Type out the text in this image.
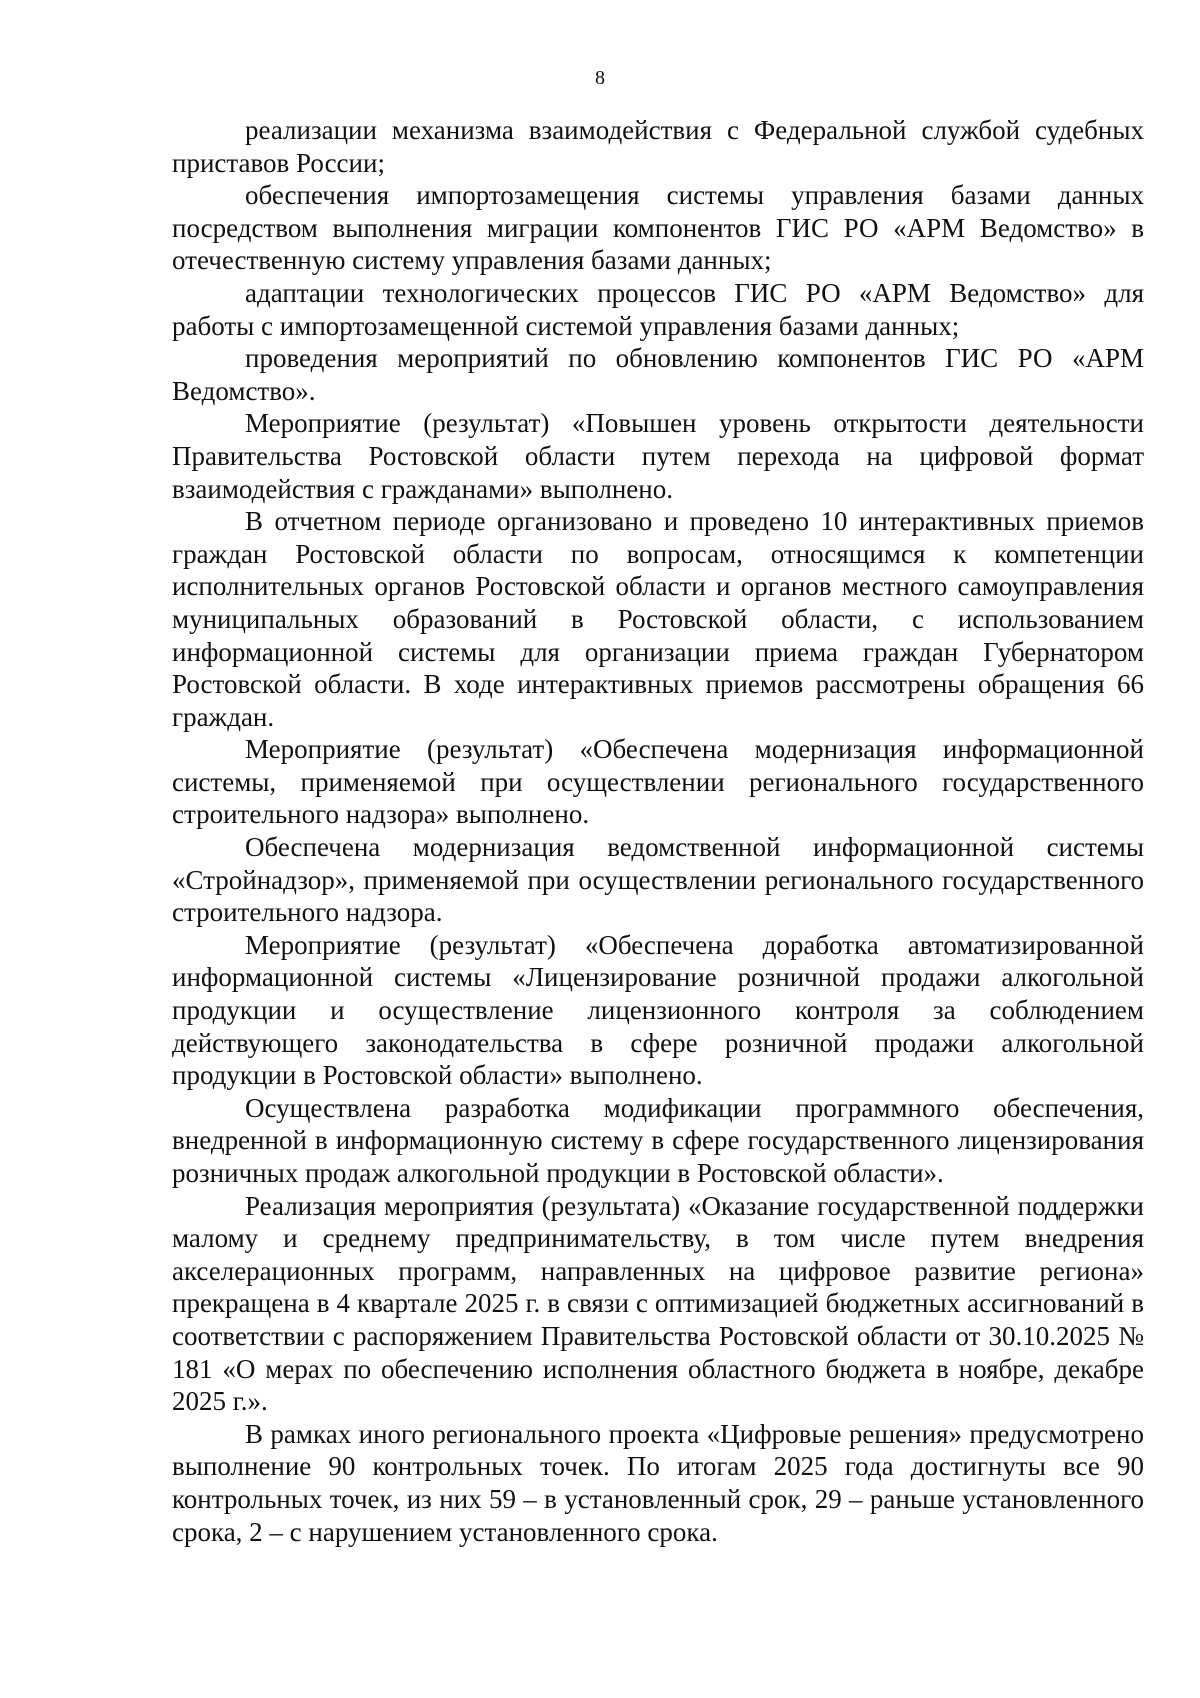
8

реализации механизма взаимодействия с Федеральной службой судебных приставов России;

обеспечения импортозамещения системы управления базами данных посредством выполнения миграции компонентов ГИС РО «АРМ Ведомство» в отечественную систему управления базами данных;

адаптации технологических процессов ГИС РО «АРМ Ведомство» для работы с импортозамещенной системой управления базами данных;

проведения мероприятий по обновлению компонентов ГИС РО «АРМ Ведомство».

Мероприятие (результат) «Повышен уровень открытости деятельности Правительства Ростовской области путем перехода на цифровой формат взаимодействия с гражданами» выполнено.

В отчетном периоде организовано и проведено 10 интерактивных приемов граждан Ростовской области по вопросам, относящимся к компетенции исполнительных органов Ростовской области и органов местного самоуправления муниципальных образований в Ростовской области, с использованием информационной системы для организации приема граждан Губернатором Ростовской области. В ходе интерактивных приемов рассмотрены обращения 66 граждан.

Мероприятие (результат) «Обеспечена модернизация информационной системы, применяемой при осуществлении регионального государственного строительного надзора» выполнено.

Обеспечена модернизация ведомственной информационной системы «Стройнадзор», применяемой при осуществлении регионального государственного строительного надзора.

Мероприятие (результат) «Обеспечена доработка автоматизированной информационной системы «Лицензирование розничной продажи алкогольной продукции и осуществление лицензионного контроля за соблюдением действующего законодательства в сфере розничной продажи алкогольной продукции в Ростовской области» выполнено.

Осуществлена разработка модификации программного обеспечения, внедренной в информационную систему в сфере государственного лицензирования розничных продаж алкогольной продукции в Ростовской области».

Реализация мероприятия (результата) «Оказание государственной поддержки малому и среднему предпринимательству, в том числе путем внедрения акселерационных программ, направленных на цифровое развитие региона» прекращена в 4 квартале 2025 г. в связи с оптимизацией бюджетных ассигнований в соответствии с распоряжением Правительства Ростовской области от 30.10.2025 № 181 «О мерах по обеспечению исполнения областного бюджета в ноябре, декабре 2025 г.».

В рамках иного регионального проекта «Цифровые решения» предусмотрено выполнение 90 контрольных точек. По итогам 2025 года достигнуты все 90 контрольных точек, из них 59 – в установленный срок, 29 – раньше установленного срока, 2 – с нарушением установленного срока.
